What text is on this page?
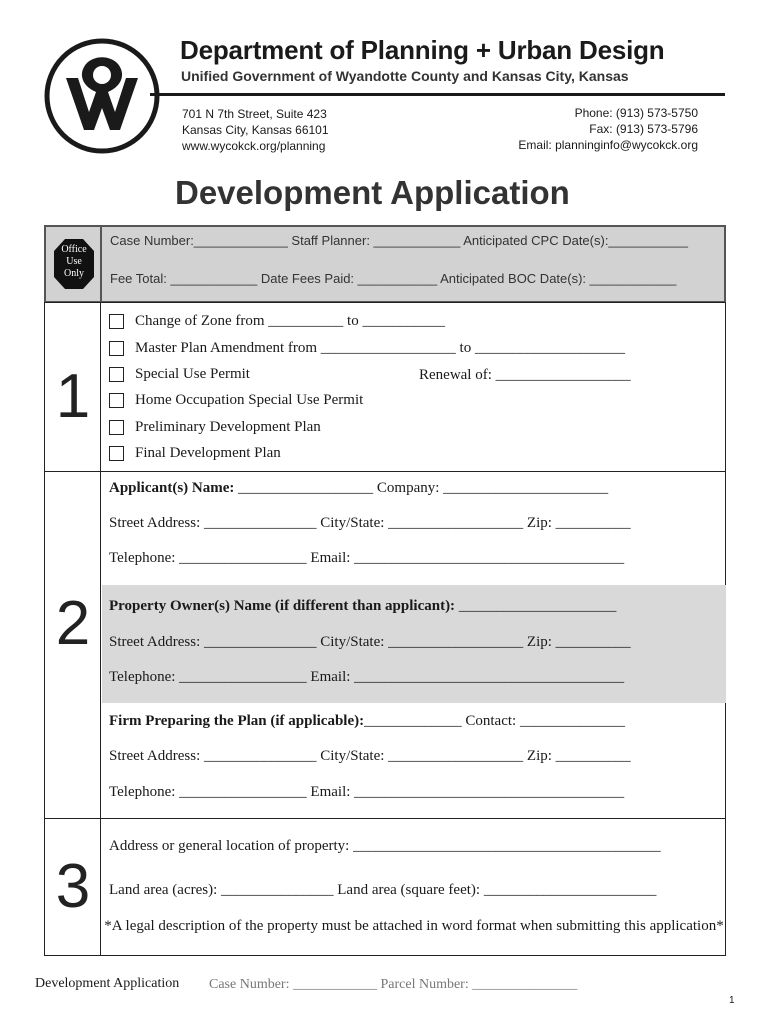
Department of Planning + Urban Design
Unified Government of Wyandotte County and Kansas City, Kansas
701 N 7th Street, Suite 423
Kansas City, Kansas 66101
www.wycokck.org/planning
Phone: (913) 573-5750
Fax: (913) 573-5796
Email: planninginfo@wycokck.org
Development Application
Office
Use
Only
Case Number:_____________ Staff Planner: ____________ Anticipated CPC Date(s):___________
Fee Total: ____________ Date Fees Paid: ___________ Anticipated BOC Date(s): ____________
1
Change of Zone from __________ to ___________
Master Plan Amendment from __________________ to ____________________
Special Use Permit	Renewal of: __________________
Home Occupation Special Use Permit
Preliminary Development Plan
Final Development Plan
2
Applicant(s) Name: __________________ Company: ______________________
Street Address: _______________ City/State: __________________ Zip: __________
Telephone: _________________ Email: ____________________________________
Property Owner(s) Name (if different than applicant): _____________________
Street Address: _______________ City/State: __________________ Zip: __________
Telephone: _________________ Email: ____________________________________
Firm Preparing the Plan (if applicable):_____________ Contact: ______________
Street Address: _______________ City/State: __________________ Zip: __________
Telephone: _________________ Email: ____________________________________
3
Address or general location of property: _________________________________________
Land area (acres): _______________ Land area (square feet): _______________________
*A legal description of the property must be attached in word format when submitting this application*
Development Application Case Number: ____________ Parcel Number: _______________
1
